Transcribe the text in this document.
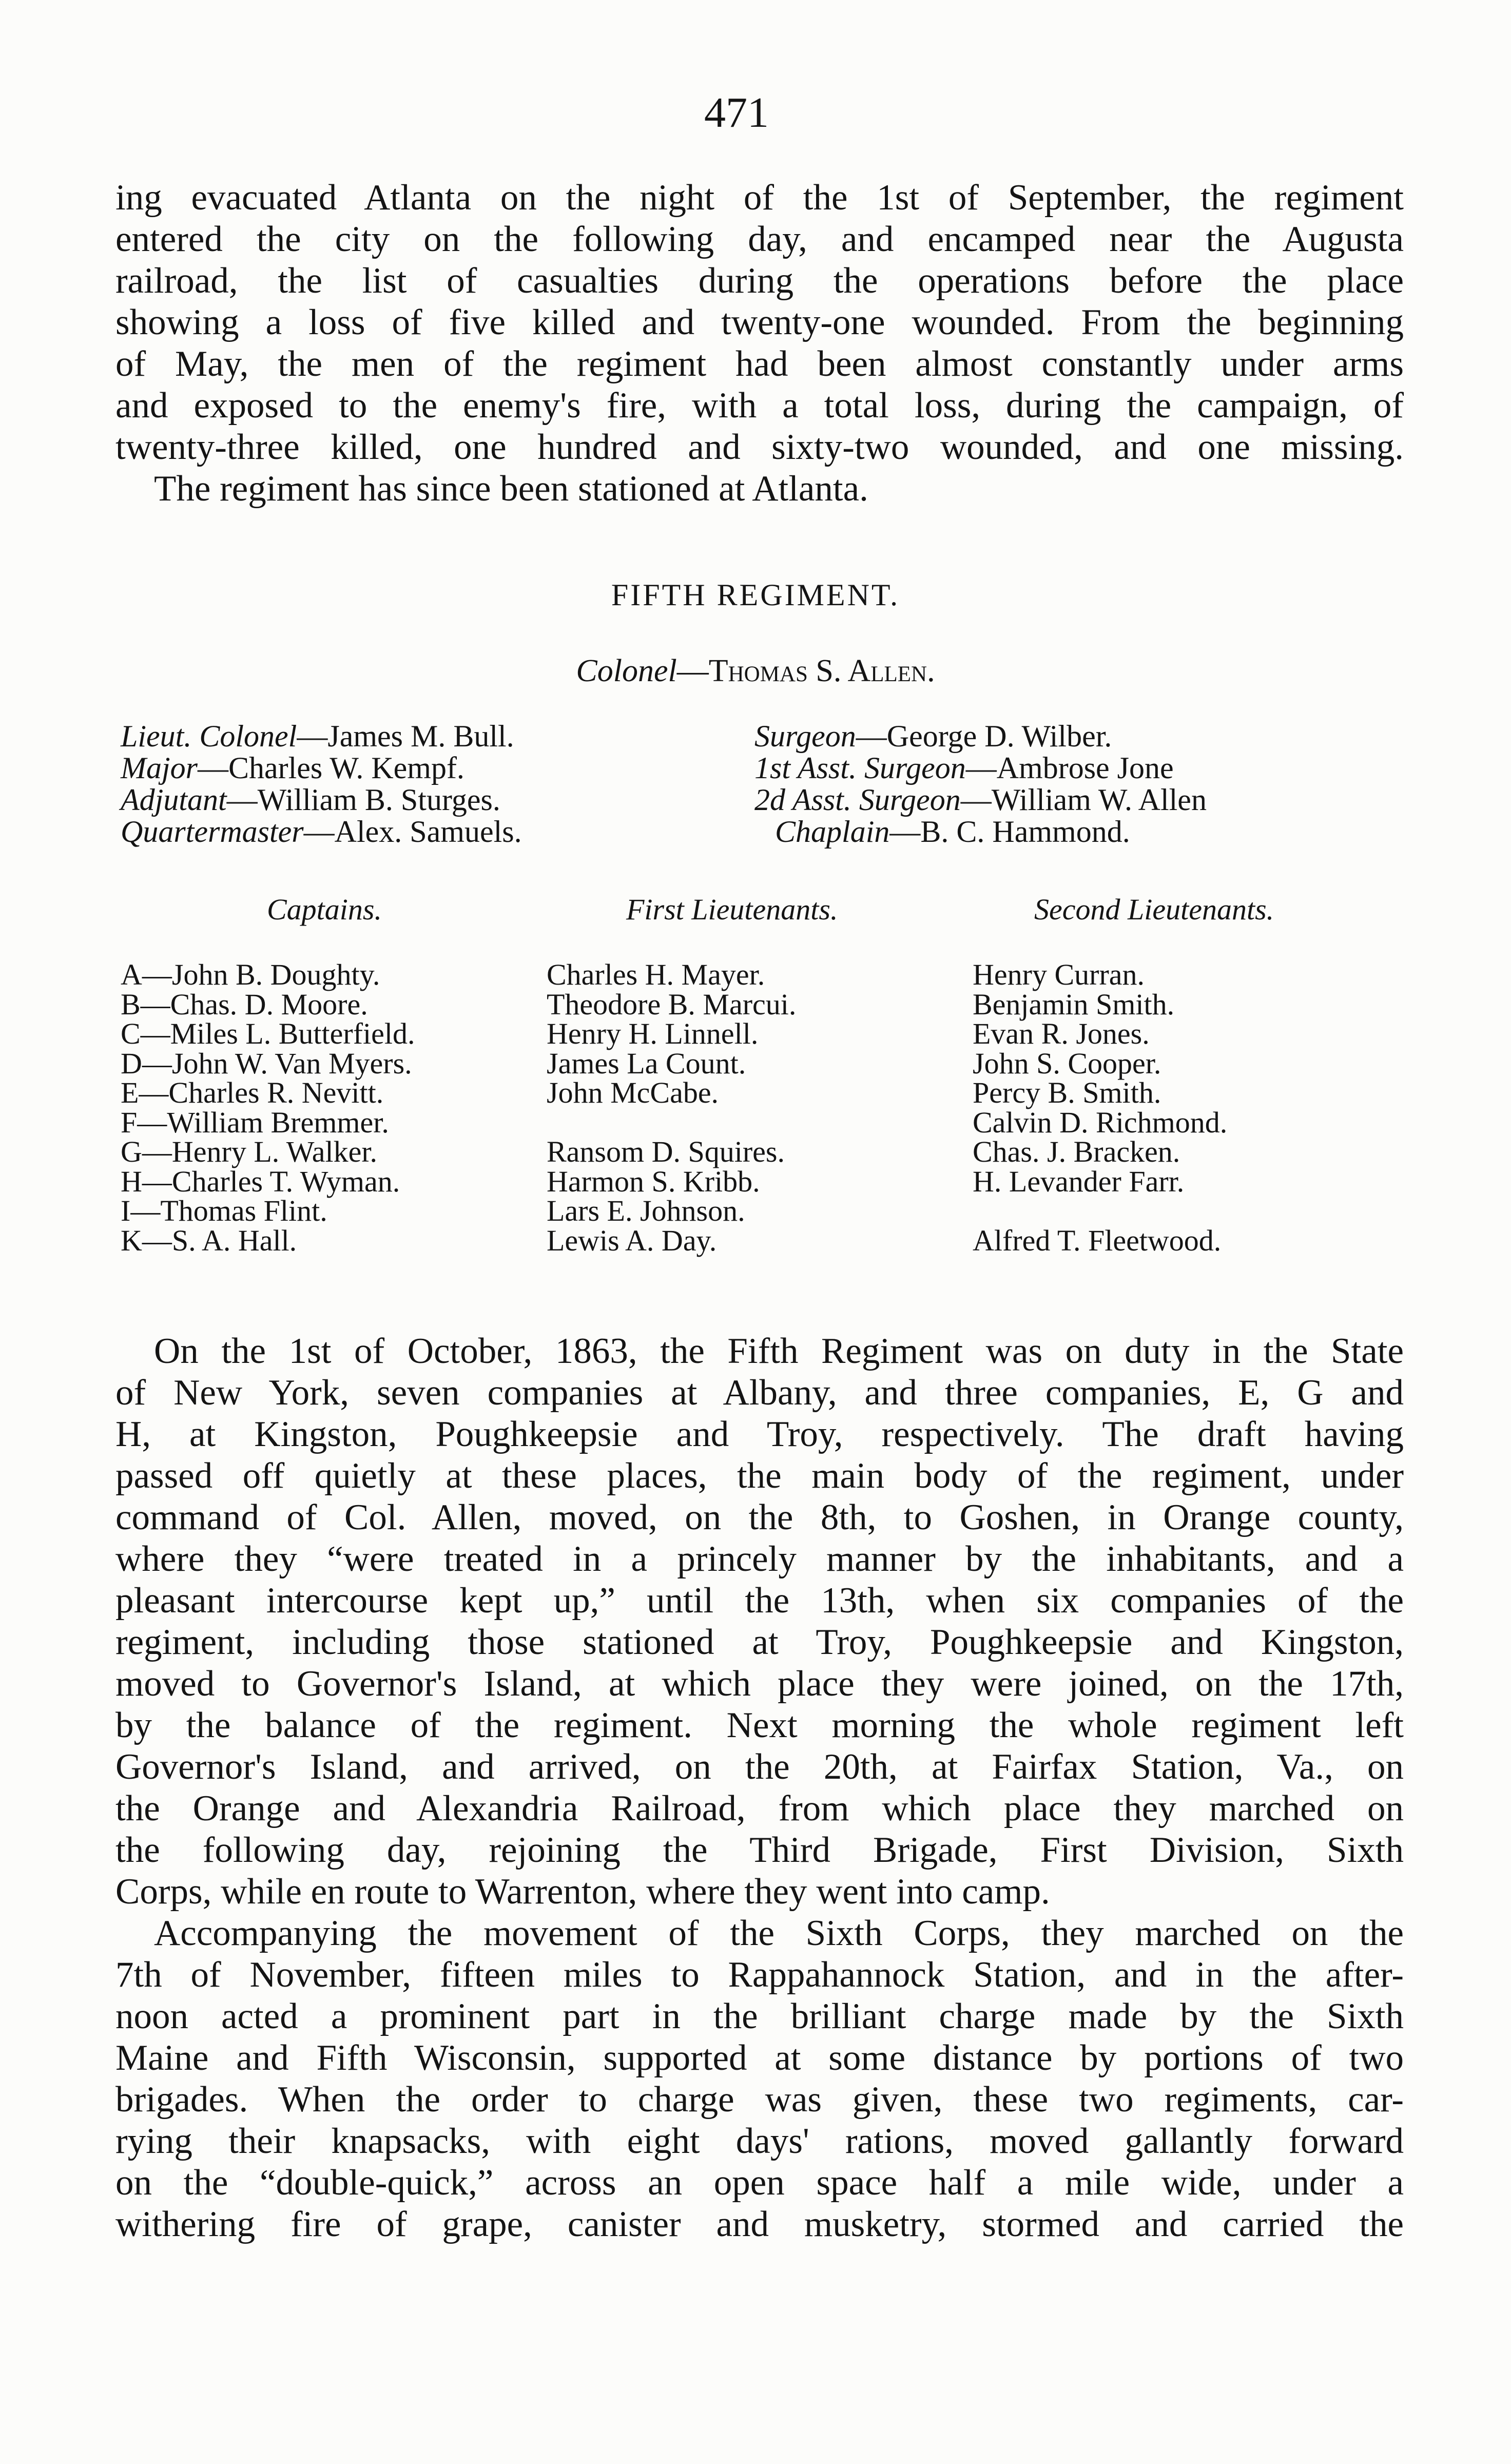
471
ing evacuated Atlanta on the night of the 1st of September, the regiment
entered the city on the following day, and encamped near the Augusta
railroad, the list of casualties during the operations before the place
showing a loss of five killed and twenty-one wounded. From the beginning
of May, the men of the regiment had been almost constantly under arms
and exposed to the enemy's fire, with a total loss, during the campaign, of
twenty-three killed, one hundred and sixty-two wounded, and one missing.
The regiment has since been stationed at Atlanta.
FIFTH REGIMENT.
Colonel—Thomas S. Allen.
Lieut. Colonel—James M. Bull.
Major—Charles W. Kempf.
Adjutant—William B. Sturges.
Quartermaster—Alex. Samuels.
Surgeon—George D. Wilber.
1st Asst. Surgeon—Ambrose Jone
2d Asst. Surgeon—William W. Allen
Chaplain—B. C. Hammond.
Captains.	First Lieutenants.	Second Lieutenants.
A—John B. Doughty.
B—Chas. D. Moore.
C—Miles L. Butterfield.
D—John W. Van Myers.
E—Charles R. Nevitt.
F—William Bremmer.
G—Henry L. Walker.
H—Charles T. Wyman.
I—Thomas Flint.
K—S. A. Hall.
Charles H. Mayer.
Theodore B. Marcui.
Henry H. Linnell.
James La Count.
John McCabe.
Ransom D. Squires.
Harmon S. Kribb.
Lars E. Johnson.
Lewis A. Day.
Henry Curran.
Benjamin Smith.
Evan R. Jones.
John S. Cooper.
Percy B. Smith.
Calvin D. Richmond.
Chas. J. Bracken.
H. Levander Farr.
Alfred T. Fleetwood.
On the 1st of October, 1863, the Fifth Regiment was on duty in the State
of New York, seven companies at Albany, and three companies, E, G and
H, at Kingston, Poughkeepsie and Troy, respectively. The draft having
passed off quietly at these places, the main body of the regiment, under
command of Col. Allen, moved, on the 8th, to Goshen, in Orange county,
where they “were treated in a princely manner by the inhabitants, and a
pleasant intercourse kept up,” until the 13th, when six companies of the
regiment, including those stationed at Troy, Poughkeepsie and Kingston,
moved to Governor's Island, at which place they were joined, on the 17th,
by the balance of the regiment. Next morning the whole regiment left
Governor's Island, and arrived, on the 20th, at Fairfax Station, Va., on
the Orange and Alexandria Railroad, from which place they marched on
the following day, rejoining the Third Brigade, First Division, Sixth
Corps, while en route to Warrenton, where they went into camp.
Accompanying the movement of the Sixth Corps, they marched on the
7th of November, fifteen miles to Rappahannock Station, and in the after-
noon acted a prominent part in the brilliant charge made by the Sixth
Maine and Fifth Wisconsin, supported at some distance by portions of two
brigades. When the order to charge was given, these two regiments, car-
rying their knapsacks, with eight days' rations, moved gallantly forward
on the “double-quick,” across an open space half a mile wide, under a
withering fire of grape, canister and musketry, stormed and carried the
